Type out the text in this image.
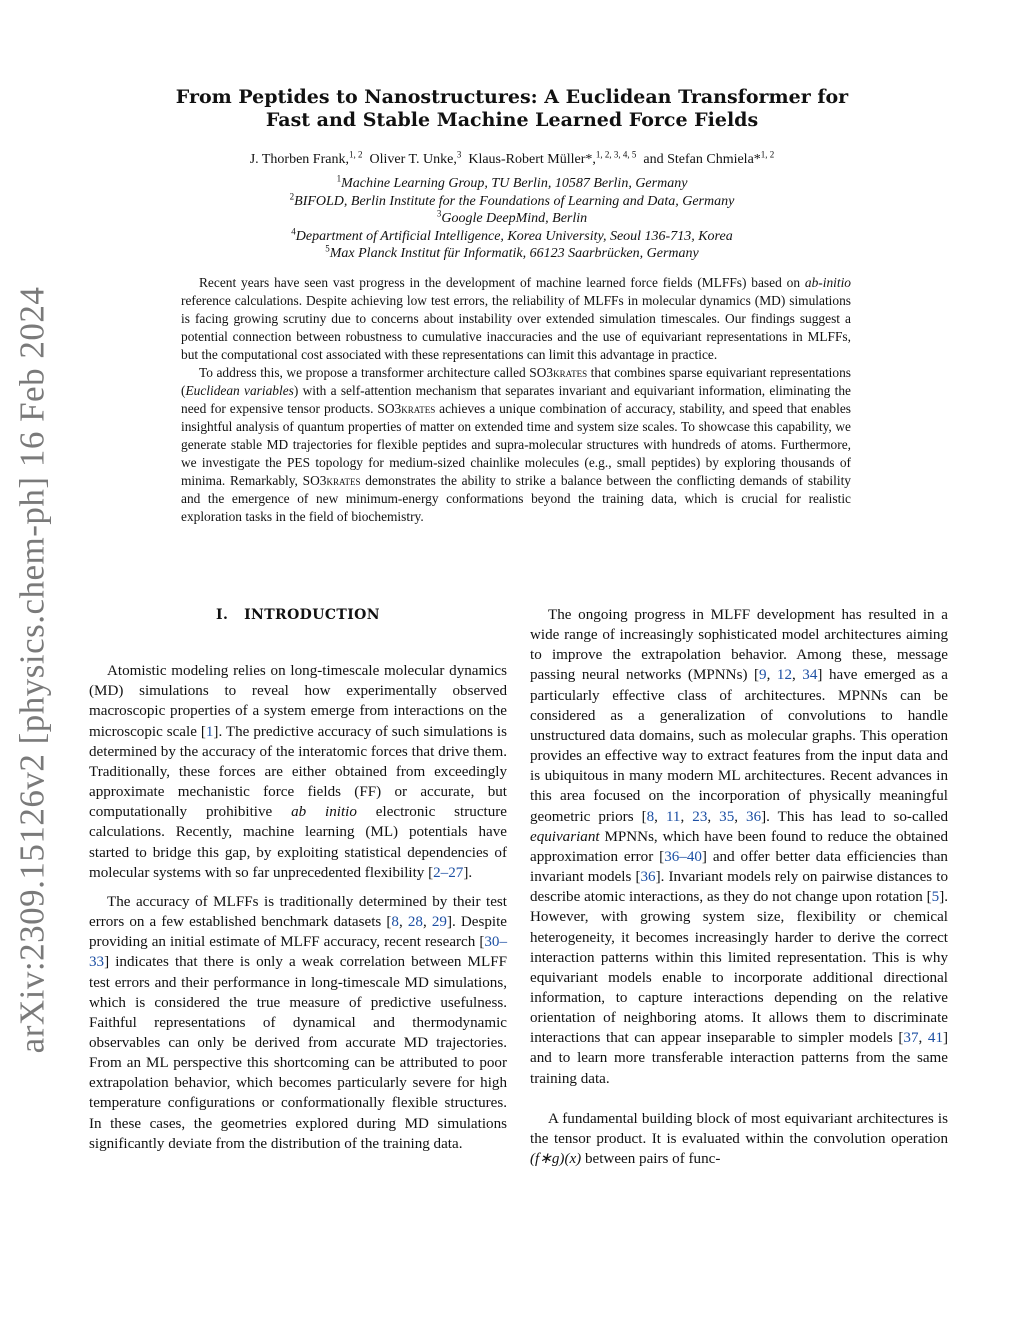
arXiv:2309.15126v2 [physics.chem-ph] 16 Feb 2024
From Peptides to Nanostructures: A Euclidean Transformer for
Fast and Stable Machine Learned Force Fields

J. Thorben Frank,$^{1, 2}$ Oliver T. Unke,$^3$ Klaus-Robert Müller*,$^{1, 2, 3, 4, 5}$ and Stefan Chmiela*$^{1, 2}$

$^1$Machine Learning Group, TU Berlin, 10587 Berlin, Germany
$^2$BIFOLD, Berlin Institute for the Foundations of Learning and Data, Germany
$^3$Google DeepMind, Berlin
$^4$Department of Artificial Intelligence, Korea University, Seoul 136-713, Korea
$^5$Max Planck Institut für Informatik, 66123 Saarbrücken, Germany

Recent years have seen vast progress in the development of machine learned force fields (MLFFs) based on ab-initio reference calculations. Despite achieving low test errors, the reliability of MLFFs in molecular dynamics (MD) simulations is facing growing scrutiny due to concerns about instability over extended simulation timescales. Our findings suggest a potential connection between robustness to cumulative inaccuracies and the use of equivariant representations in MLFFs, but the computational cost associated with these representations can limit this advantage in practice.

To address this, we propose a transformer architecture called SO3krates that combines sparse equivariant representations (Euclidean variables) with a self-attention mechanism that separates invariant and equivariant information, eliminating the need for expensive tensor products. SO3krates achieves a unique combination of accuracy, stability, and speed that enables insightful analysis of quantum properties of matter on extended time and system size scales. To showcase this capability, we generate stable MD trajectories for flexible peptides and supra-molecular structures with hundreds of atoms. Furthermore, we investigate the PES topology for medium-sized chainlike molecules (e.g., small peptides) by exploring thousands of minima. Remarkably, SO3krates demonstrates the ability to strike a balance between the conflicting demands of stability and the emergence of new minimum-energy conformations beyond the training data, which is crucial for realistic exploration tasks in the field of biochemistry.

I. INTRODUCTION

Atomistic modeling relies on long-timescale molecular dynamics (MD) simulations to reveal how experimentally observed macroscopic properties of a system emerge from interactions on the microscopic scale [1]. The predictive accuracy of such simulations is determined by the accuracy of the interatomic forces that drive them. Traditionally, these forces are either obtained from exceedingly approximate mechanistic force fields (FF) or accurate, but computationally prohibitive ab initio electronic structure calculations. Recently, machine learning (ML) potentials have started to bridge this gap, by exploiting statistical dependencies of molecular systems with so far unprecedented flexibility [2–27].

The accuracy of MLFFs is traditionally determined by their test errors on a few established benchmark datasets [8, 28, 29]. Despite providing an initial estimate of MLFF accuracy, recent research [30–33] indicates that there is only a weak correlation between MLFF test errors and their performance in long-timescale MD simulations, which is considered the true measure of predictive usefulness. Faithful representations of dynamical and thermodynamic observables can only be derived from accurate MD trajectories. From an ML perspective this shortcoming can be attributed to poor extrapolation behavior, which becomes particularly severe for high temperature configurations or conformationally flexible structures. In these cases, the geometries explored during MD simulations significantly deviate from the distribution of the training data.

The ongoing progress in MLFF development has resulted in a wide range of increasingly sophisticated model architectures aiming to improve the extrapolation behavior. Among these, message passing neural networks (MPNNs) [9, 12, 34] have emerged as a particularly effective class of architectures. MPNNs can be considered as a generalization of convolutions to handle unstructured data domains, such as molecular graphs. This operation provides an effective way to extract features from the input data and is ubiquitous in many modern ML architectures. Recent advances in this area focused on the incorporation of physically meaningful geometric priors [8, 11, 23, 35, 36]. This has lead to so-called equivariant MPNNs, which have been found to reduce the obtained approximation error [36–40] and offer better data efficiencies than invariant models [36]. Invariant models rely on pairwise distances to describe atomic interactions, as they do not change upon rotation [5]. However, with growing system size, flexibility or chemical heterogeneity, it becomes increasingly harder to derive the correct interaction patterns within this limited representation. This is why equivariant models enable to incorporate additional directional information, to capture interactions depending on the relative orientation of neighboring atoms. It allows them to discriminate interactions that can appear inseparable to simpler models [37, 41] and to learn more transferable interaction patterns from the same training data.

A fundamental building block of most equivariant architectures is the tensor product. It is evaluated within the convolution operation (f∗g)(x) between pairs of func-
